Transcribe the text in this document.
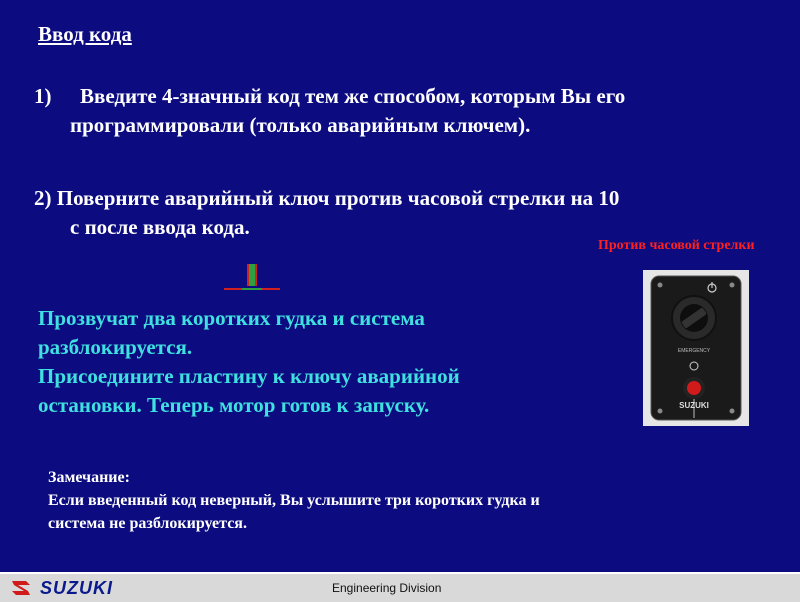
Ввод кода
1) Введите 4-значный код тем же способом, которым Вы его
программировали (только аварийным ключем).
2) Поверните аварийный ключ против часовой стрелки на 10
с после ввода кода.
Против часовой стрелки
Прозвучат два коротких гудка и система
разблокируется.
Присоедините пластину к ключу аварийной
остановки. Теперь мотор готов к запуску.
EMERGENCY
SUZUKI
Замечание:
Если введенный код неверный, Вы услышите три коротких гудка и
система не разблокируется.
SUZUKI	Engineering Division
